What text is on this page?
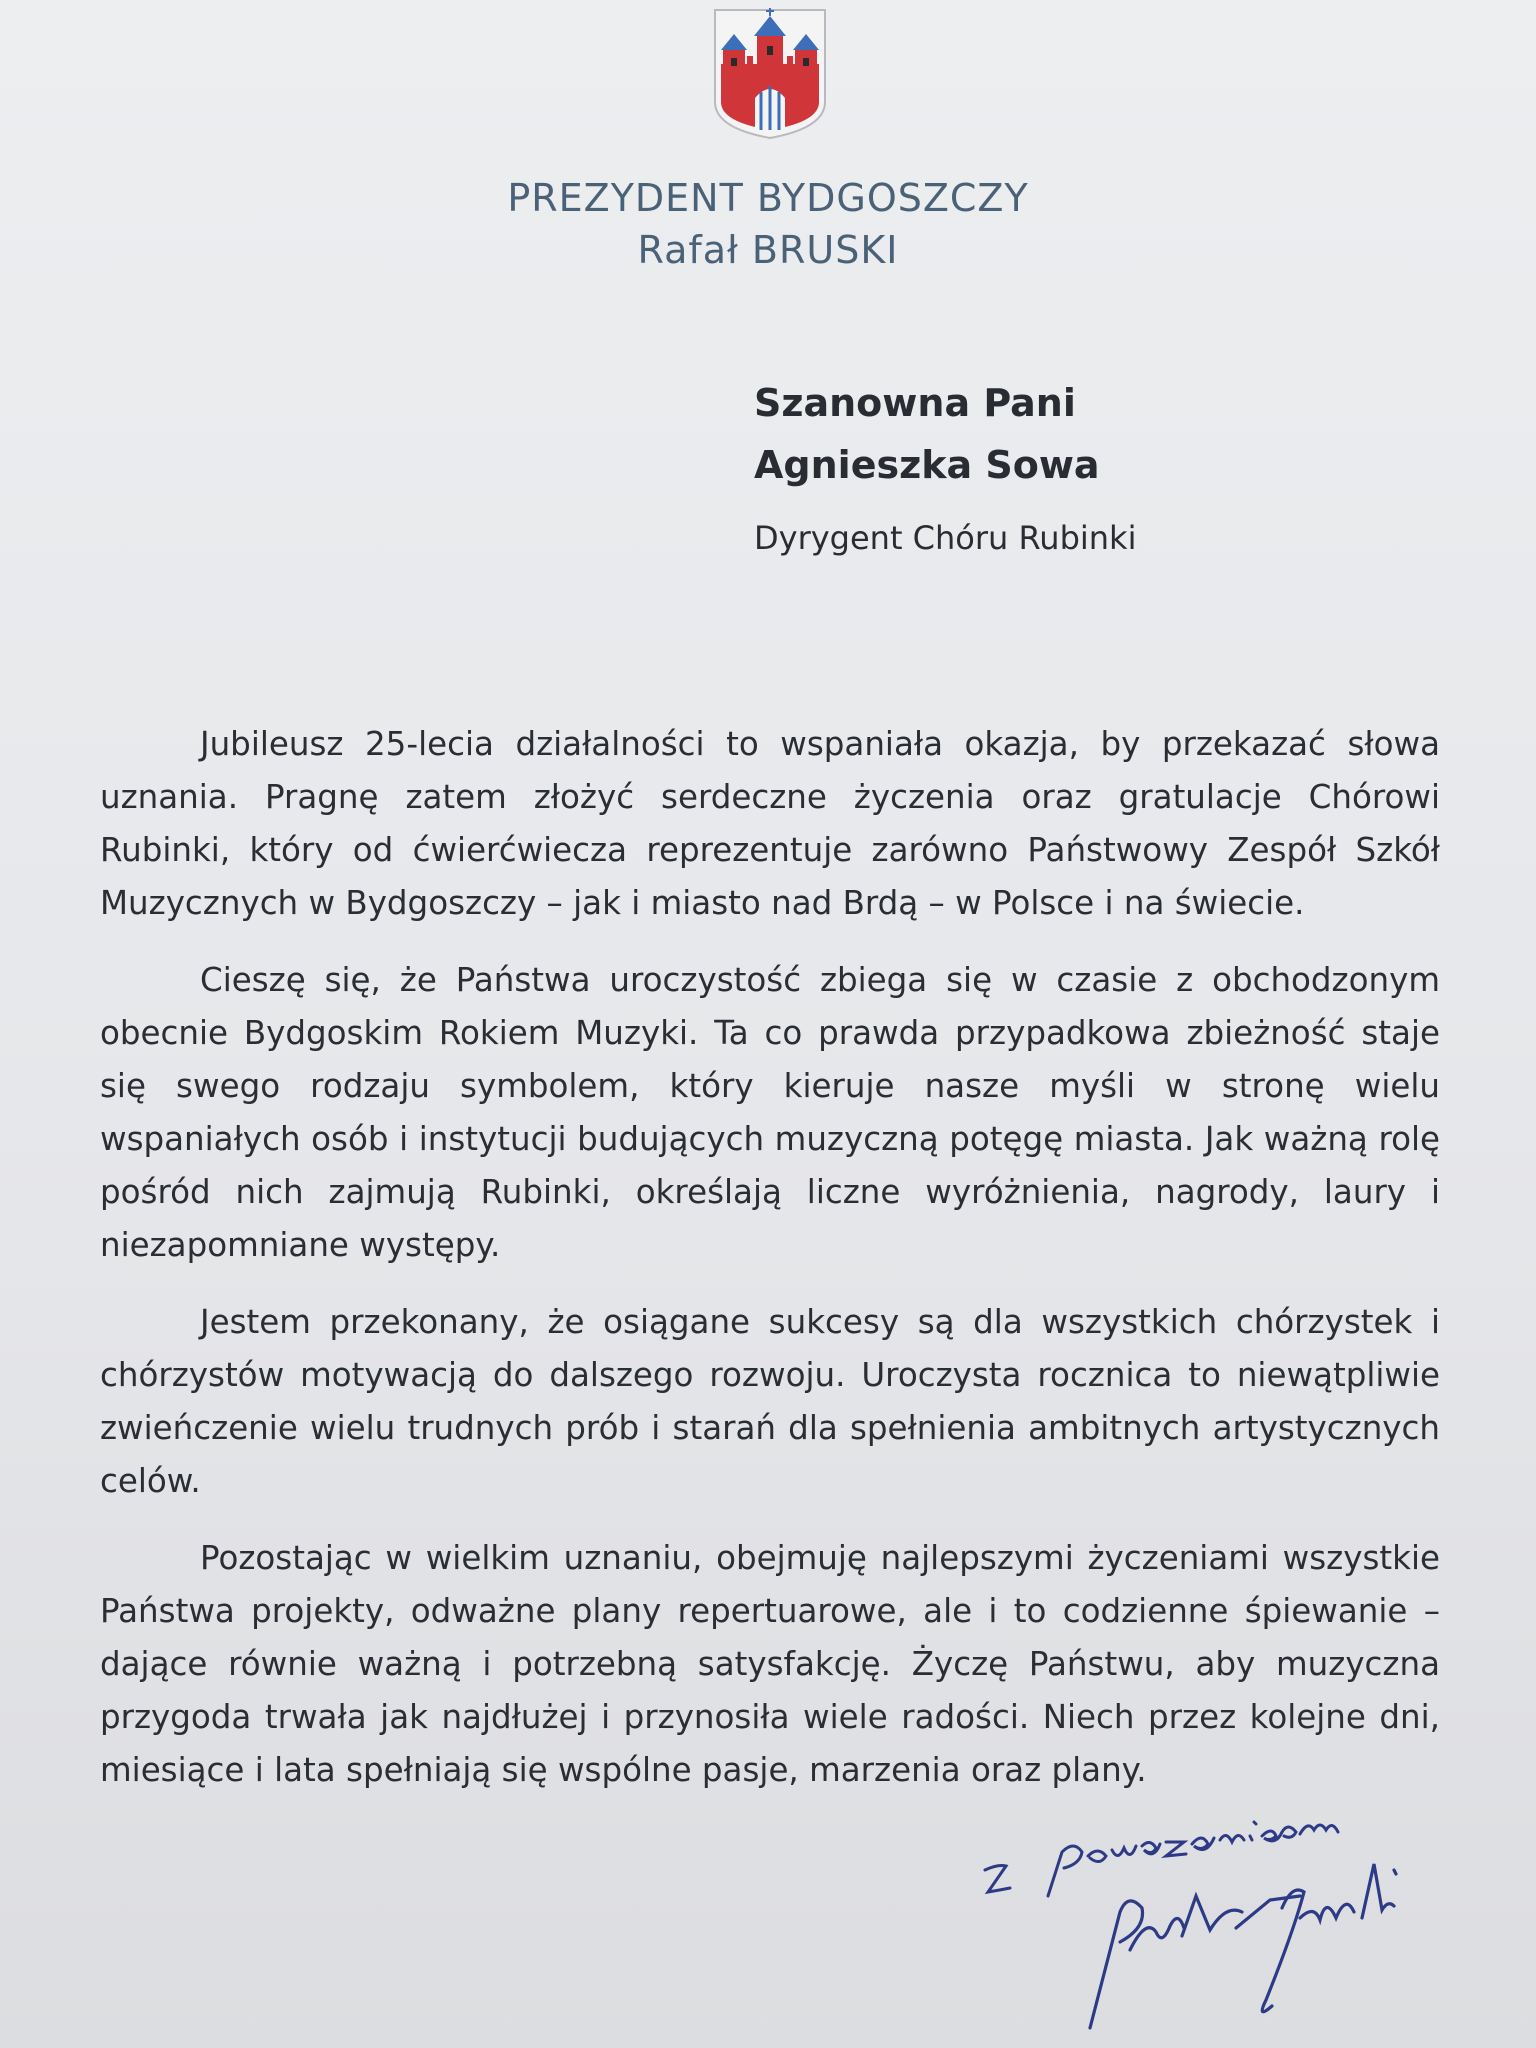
PREZYDENT BYDGOSZCZY
Rafał BRUSKI
Szanowna Pani
Agnieszka Sowa
Dyrygent Chóru Rubinki

Jubileusz 25-lecia działalności to wspaniała okazja, by przekazać słowa uznania. Pragnę zatem złożyć serdeczne życzenia oraz gratulacje Chórowi Rubinki, który od ćwierćwiecza reprezentuje zarówno Państwowy Zespół Szkół Muzycznych w Bydgoszczy – jak i miasto nad Brdą – w Polsce i na świecie.

Cieszę się, że Państwa uroczystość zbiega się w czasie z obchodzonym obecnie Bydgoskim Rokiem Muzyki. Ta co prawda przypadkowa zbieżność staje się swego rodzaju symbolem, który kieruje nasze myśli w stronę wielu wspaniałych osób i instytucji budujących muzyczną potęgę miasta. Jak ważną rolę pośród nich zajmują Rubinki, określają liczne wyróżnienia, nagrody, laury i niezapomniane występy.

Jestem przekonany, że osiągane sukcesy są dla wszystkich chórzystek i chórzystów motywacją do dalszego rozwoju. Uroczysta rocznica to niewątpliwie zwieńczenie wielu trudnych prób i starań dla spełnienia ambitnych artystycznych celów.

Pozostając w wielkim uznaniu, obejmuję najlepszymi życzeniami wszystkie Państwa projekty, odważne plany repertuarowe, ale i to codzienne śpiewanie – dające równie ważną i potrzebną satysfakcję. Życzę Państwu, aby muzyczna przygoda trwała jak najdłużej i przynosiła wiele radości. Niech przez kolejne dni, miesiące i lata spełniają się wspólne pasje, marzenia oraz plany.
